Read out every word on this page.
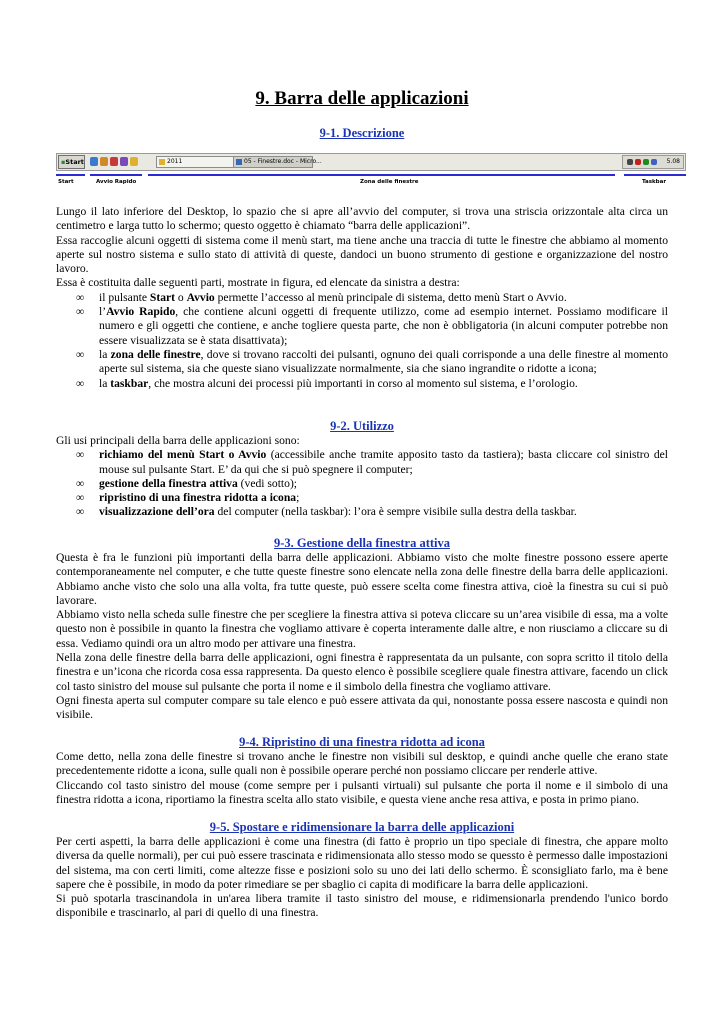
9. Barra delle applicazioni
9-1. Descrizione
▪Start	2011	05 - Finestre.doc - Micro...	5.08
Start	Avvio Rapido	Zona delle finestre	Taskbar

Lungo il lato inferiore del Desktop, lo spazio che si apre all’avvio del computer, si trova una striscia orizzontale alta circa un centimetro e larga tutto lo schermo; questo oggetto è chiamato “barra delle applicazioni”.

Essa raccoglie alcuni oggetti di sistema come il menù start, ma tiene anche una traccia di tutte le finestre che abbiamo al momento aperte sul nostro sistema e sullo stato di attività di queste, dandoci un buono strumento di gestione e organizzazione del nostro lavoro.

Essa è costituita dalle seguenti parti, mostrate in figura, ed elencate da sinistra a destra:

∞ il pulsante Start o Avvio permette l’accesso al menù principale di sistema, detto menù Start o Avvio.
∞ l’Avvio Rapido, che contiene alcuni oggetti di frequente utilizzo, come ad esempio internet. Possiamo modificare il numero e gli oggetti che contiene, e anche togliere questa parte, che non è obbligatoria (in alcuni computer potrebbe non essere visualizzata se è stata disattivata);
∞ la zona delle finestre, dove si trovano raccolti dei pulsanti, ognuno dei quali corrisponde a una delle finestre al momento aperte sul sistema, sia che queste siano visualizzate normalmente, sia che siano ingrandite o ridotte a icona;
∞ la taskbar, che mostra alcuni dei processi più importanti in corso al momento sul sistema, e l’orologio.
9-2. Utilizzo

Gli usi principali della barra delle applicazioni sono:

∞ richiamo del menù Start o Avvio (accessibile anche tramite apposito tasto da tastiera); basta cliccare col sinistro del mouse sul pulsante Start. E’ da qui che si può spegnere il computer;
∞ gestione della finestra attiva (vedi sotto);
∞ ripristino di una finestra ridotta a icona;
∞ visualizzazione dell’ora del computer (nella taskbar): l’ora è sempre visibile sulla destra della taskbar.
9-3. Gestione della finestra attiva

Questa è fra le funzioni più importanti della barra delle applicazioni. Abbiamo visto che molte finestre possono essere aperte contemporaneamente nel computer, e che tutte queste finestre sono elencate nella zona delle finestre della barra delle applicazioni. Abbiamo anche visto che solo una alla volta, fra tutte queste, può essere scelta come finestra attiva, cioè la finestra su cui si può lavorare.

Abbiamo visto nella scheda sulle finestre che per scegliere la finestra attiva si poteva cliccare su un’area visibile di essa, ma a volte questo non è possibile in quanto la finestra che vogliamo attivare è coperta interamente dalle altre, e non riusciamo a cliccare su di essa. Vediamo quindi ora un altro modo per attivare una finestra.

Nella zona delle finestre della barra delle applicazioni, ogni finestra è rappresentata da un pulsante, con sopra scritto il titolo della finestra e un’icona che ricorda cosa essa rappresenta. Da questo elenco è possibile scegliere quale finestra attivare, facendo un click col tasto sinistro del mouse sul pulsante che porta il nome e il simbolo della finestra che vogliamo attivare.

Ogni finesta aperta sul computer compare su tale elenco e può essere attivata da qui, nonostante possa essere nascosta e quindi non visibile.

9-4. Ripristino di una finestra ridotta ad icona

Come detto, nella zona delle finestre si trovano anche le finestre non visibili sul desktop, e quindi anche quelle che erano state precedentemente ridotte a icona, sulle quali non è possibile operare perché non possiamo cliccare per renderle attive.

Cliccando col tasto sinistro del mouse (come sempre per i pulsanti virtuali) sul pulsante che porta il nome e il simbolo di una finestra ridotta a icona, riportiamo la finestra scelta allo stato visibile, e questa viene anche resa attiva, e posta in primo piano.

9-5. Spostare e ridimensionare la barra delle applicazioni

Per certi aspetti, la barra delle applicazioni è come una finestra (di fatto è proprio un tipo speciale di finestra, che appare molto diversa da quelle normali), per cui può essere trascinata e ridimensionata allo stesso modo se quessto è permesso dalle impostazioni del sistema, ma con certi limiti, come altezze fisse e posizioni solo su uno dei lati dello schermo. È sconsigliato farlo, ma è bene sapere che è possibile, in modo da poter rimediare se per sbaglio ci capita di modificare la barra delle applicazioni.

Si può spotarla trascinandola in un'area libera tramite il tasto sinistro del mouse, e ridimensionarla prendendo l'unico bordo disponibile e trascinarlo, al pari di quello di una finestra.
